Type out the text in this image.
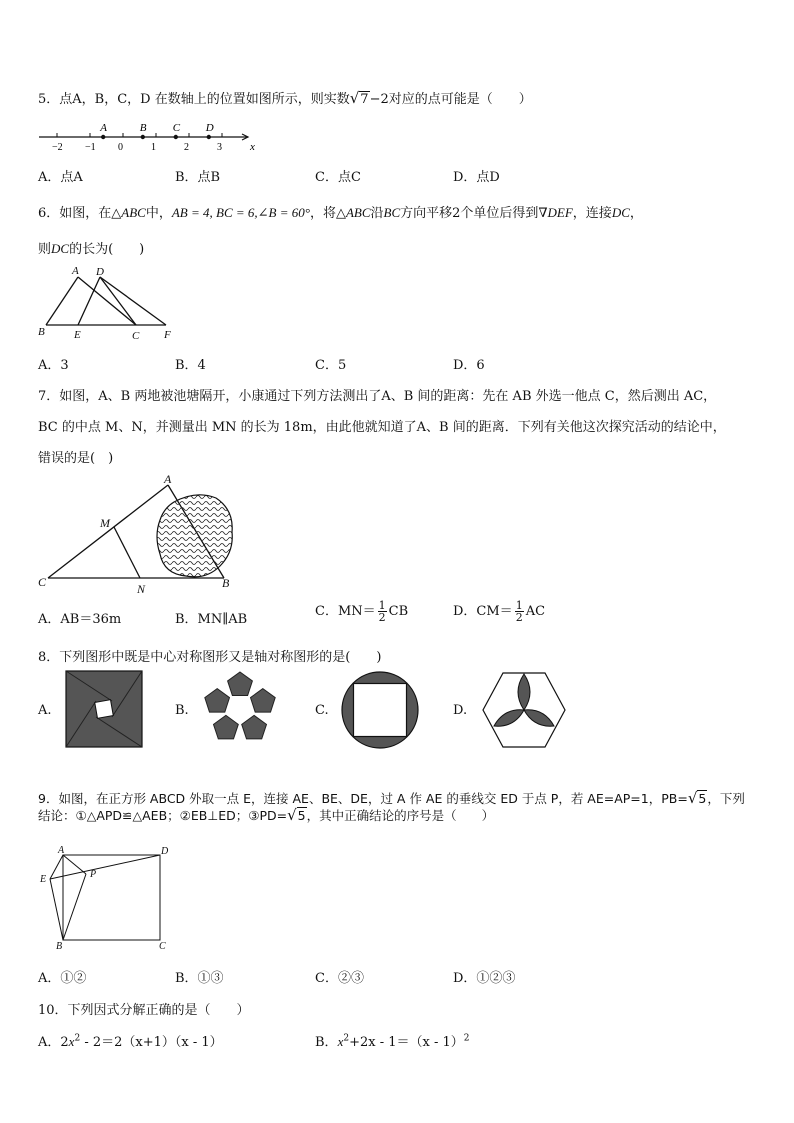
5．点A，B，C，D 在数轴上的位置如图所示，则实数√7−2对应的点可能是（　　）
x
−2 −1 0	1	2	3
A	B C D
A．点A	B．点B	C．点C	D．点D
6．如图，在△ABC中，AB = 4, BC = 6,∠B = 60°，将△ABC沿BC方向平移2个单位后得到∇DEF，连接DC，
则DC的长为(　　)
A D
B	E	C F
A．3	B．4	C．5	D．6
7．如图，A、B 两地被池塘隔开，小康通过下列方法测出了A、B 间的距离：先在 AB 外选一他点 C，然后测出 AC，
BC 的中点 M、N，并测量出 MN 的长为 18m，由此他就知道了A、B 间的距离．下列有关他这次探究活动的结论中，
错误的是(　)
A
M
C	N	B
A．AB＝36m	B．MN∥AB
C．$MN= \frac{1}{2}$ CB	D．$CM= \frac{1}{2}$ AC
8．下列图形中既是中心对称图形又是轴对称图形的是(　　)
A.	B.	C.	D.
9．如图，在正方形 ABCD 外取一点 E，连接 AE、BE、DE，过 A 作 AE 的垂线交 ED 于点 P，若 AE=AP=1，PB=√5，下列
结论：①△APD≌△AEB；②EB⊥ED；③PD=√5，其中正确结论的序号是（　　）
A	D
E	P
B	C
A．①②	B．①③	C．②③	D．①②③
10．下列因式分解正确的是（　　）
A．$2x^2 - 2=2(x+1)(x - 1)$	B．$x^2+2x - 1=(x - 1)^2$
